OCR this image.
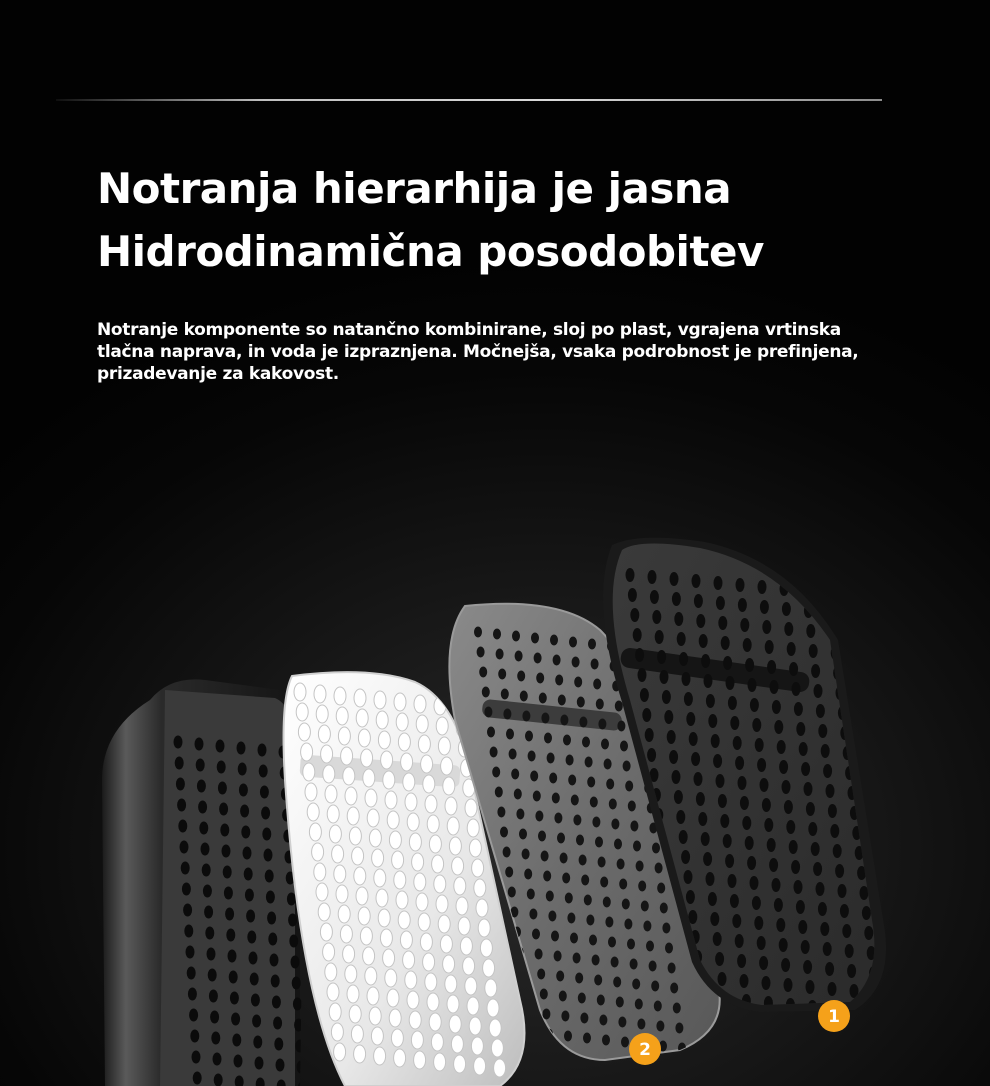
Notranja hierarhija je jasna
Hidrodinamična posodobitev

Notranje komponente so natančno kombinirane, sloj po plast, vgrajena vrtinska tlačna naprava, in voda je izpraznjena. Močnejša, vsaka podrobnost je prefinjena, prizadevanje za kakovost.

1
2
